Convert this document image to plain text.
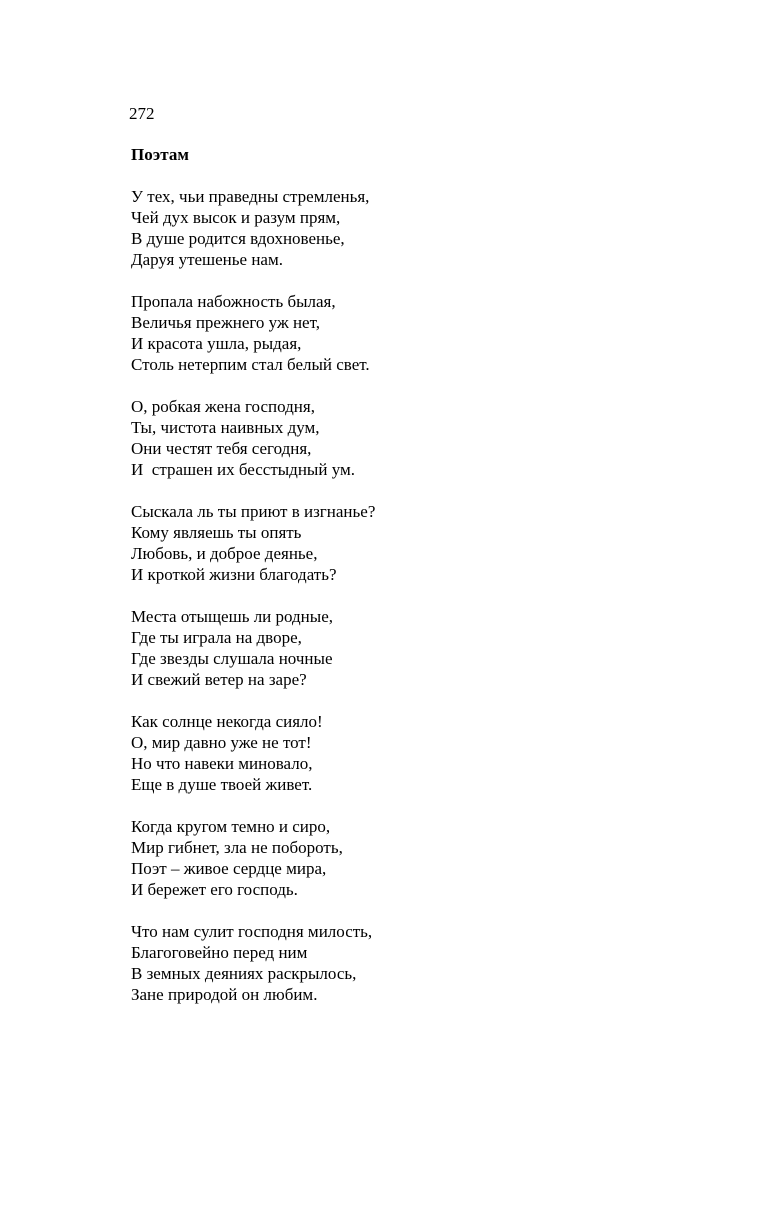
272
Поэтам
У тех, чьи праведны стремленья,
Чей дух высок и разум прям,
В душе родится вдохновенье,
Даруя утешенье нам.
Пропала набожность былая,
Величья прежнего уж нет,
И красота ушла, рыдая,
Столь нетерпим стал белый свет.
О, робкая жена господня,
Ты, чистота наивных дум,
Они честят тебя сегодня,
И  страшен их бесстыдный ум.
Сыскала ль ты приют в изгнанье?
Кому являешь ты опять
Любовь, и доброе деянье,
И кроткой жизни благодать?
Места отыщешь ли родные,
Где ты играла на дворе,
Где звезды слушала ночные
И свежий ветер на заре?
Как солнце некогда сияло!
О, мир давно уже не тот!
Но что навеки миновало,
Еще в душе твоей живет.
Когда кругом темно и сиро,
Мир гибнет, зла не побороть,
Поэт – живое сердце мира,
И бережет его господь.
Что нам сулит господня милость,
Благоговейно перед ним
В земных деяниях раскрылось,
Зане природой он любим.
